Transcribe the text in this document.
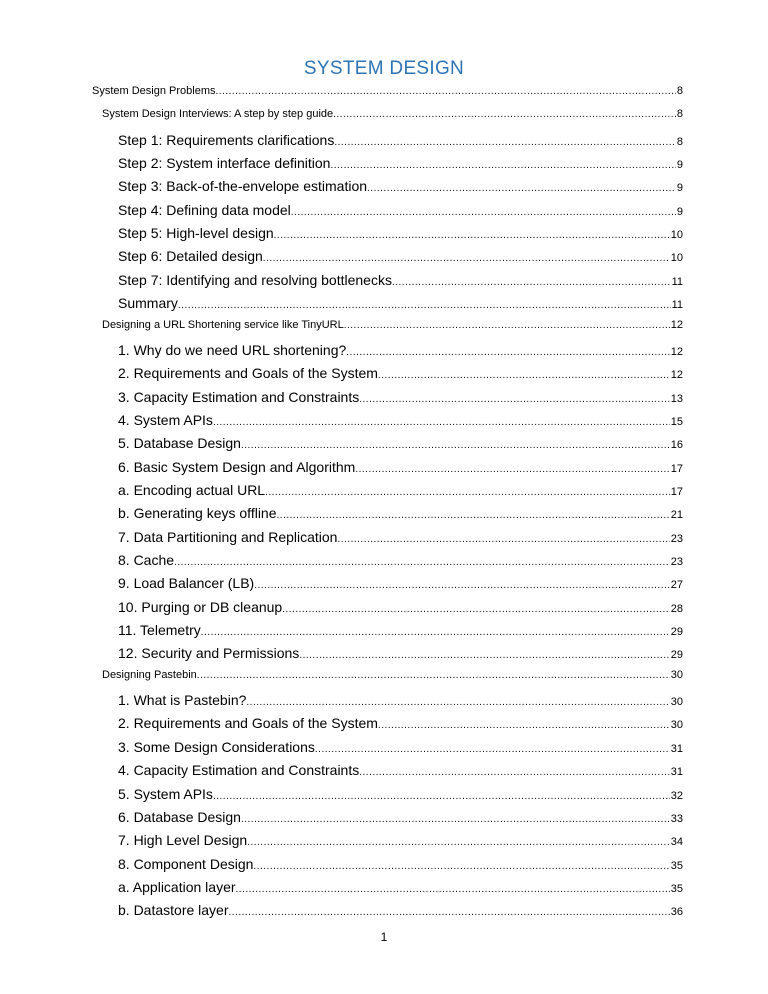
SYSTEM DESIGN
System Design Problems .....	8
System Design Interviews: A step by step guide .....	8
Step 1: Requirements clarifications .....	8
Step 2: System interface definition .....	9
Step 3: Back-of-the-envelope estimation .....	9
Step 4: Defining data model .....	9
Step 5: High-level design .....	10
Step 6: Detailed design .....	10
Step 7: Identifying and resolving bottlenecks .....	11
Summary .....	11
Designing a URL Shortening service like TinyURL .....	12
1. Why do we need URL shortening? .....	12
2. Requirements and Goals of the System .....	12
3. Capacity Estimation and Constraints .....	13
4. System APIs .....	15
5. Database Design .....	16
6. Basic System Design and Algorithm .....	17
a. Encoding actual URL .....	17
b. Generating keys offline .....	21
7. Data Partitioning and Replication .....	23
8. Cache .....	23
9. Load Balancer (LB) .....	27
10. Purging or DB cleanup .....	28
11. Telemetry .....	29
12. Security and Permissions .....	29
Designing Pastebin .....	30
1. What is Pastebin? .....	30
2. Requirements and Goals of the System .....	30
3. Some Design Considerations .....	31
4. Capacity Estimation and Constraints .....	31
5. System APIs .....	32
6. Database Design .....	33
7. High Level Design .....	34
8. Component Design .....	35
a. Application layer .....	35
b. Datastore layer .....	36
1
